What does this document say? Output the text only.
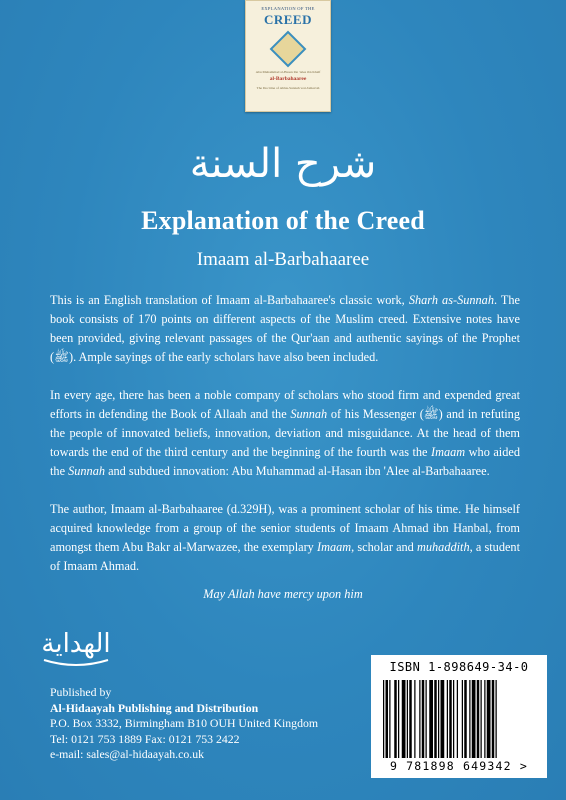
EXPLANATION OF THE
CREED
Abu Muhammad al-Hasan ibn 'Alee ibn Khalf
al-Barbahaaree
The Doctrine of Ahlus-Sunnah wal-Jamaa'ah
شرح السنة
Explanation of the Creed
Imaam al-Barbahaaree

This is an English translation of Imaam al-Barbahaaree's classic work, Sharh as-Sunnah. The book consists of 170 points on different aspects of the Muslim creed. Extensive notes have been provided, giving relevant passages of the Qur'aan and authentic sayings of the Prophet (ﷺ). Ample sayings of the early scholars have also been included.

In every age, there has been a noble company of scholars who stood firm and expended great efforts in defending the Book of Allaah and the Sunnah of his Messenger (ﷺ) and in refuting the people of innovated beliefs, innovation, deviation and misguidance. At the head of them towards the end of the third century and the beginning of the fourth was the Imaam who aided the Sunnah and subdued innovation: Abu Muhammad al-Hasan ibn 'Alee al-Barbahaaree.

The author, Imaam al-Barbahaaree (d.329H), was a prominent scholar of his time. He himself acquired knowledge from a group of the senior students of Imaam Ahmad ibn Hanbal, from amongst them Abu Bakr al-Marwazee, the exemplary Imaam, scholar and muhaddith, a student of Imaam Ahmad.

May Allah have mercy upon him
الهداية
Published by
Al-Hidaayah Publishing and Distribution
P.O. Box 3332, Birmingham B10 OUH United Kingdom
Tel: 0121 753 1889 Fax: 0121 753 2422
e-mail: sales@al-hidaayah.co.uk
ISBN 1-898649-34-0
9 781898 649342 >
